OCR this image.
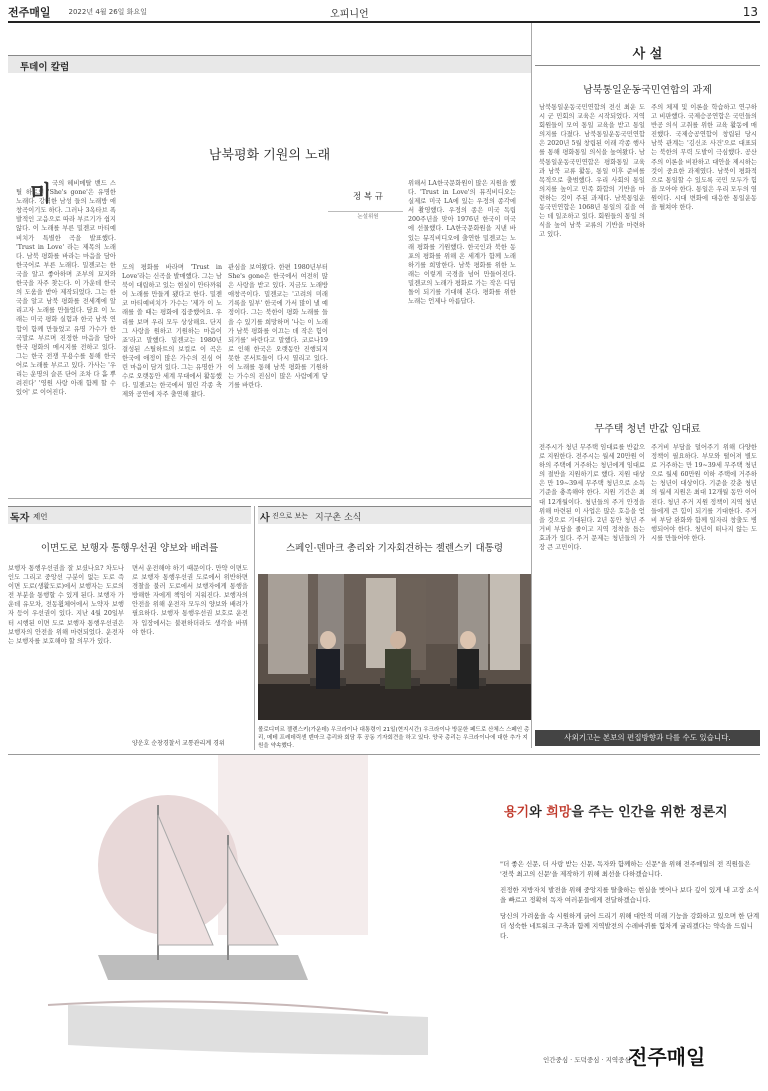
전주매일	2022년 4월 26일 화요일	오피니언	13
투데이 칼럼
남북평화 기원의 노래
미	정 복 규
논설위원
국의 헤비메탈 밴드 스틸 하트의 'She's gone'은 유명한 노래다. 강력한 남성 들의 노래방 애창곡이기도 하다. 그러나 3옥타브 폭발적인 고음으로 따라 부르기가 쉽지 않다. 이 노래를 부른 밀젠코 마티예비치가 특별한 곡을 발표했다. 'Trust in Love' 라는 제목의 노래다. 남북 평화를 바라는 마음을 담아 한국어로 부른 노래다. 밀젠코는 한국을 알고 좋아하며 조부의 묘지와 한국을 자주 찾는다. 이 가운데 한국의 도움을 받아 제작되었다. 그는 한국을 알고 남북 평화를 전세계에 알리고자 노래를 만들었다. 담요 이 노래는 미국 평화 실험과 한국 남북 연합이 함께 만들었고 유명 가수가 한국말로 부르며 진정한 마음을 담아 한국 평화의 메시지를 전하고 있다. 그는 한국 전쟁 무용수를 통해 한국어로 노래를 부르고 있다. 가사는 '우리는 운명의 슬픈 단어 조차 다 흩 뿌려진다' '영원 사랑 아래 함께 할 수 있어' 로 이어진다.
도의 평화를 바라며 'Trust in Love'라는 신곡을 발매했다. 그는 남북이 대립하고 있는 현실이 안타까워 이 노래를 만들게 됐다고 한다. 밀젠코 마티예비치가 가수는 '제가 이 노래를 쓸 때는 평화에 집중했어요. 우리를 보며 우리 모두 상상해요. 단지 그 사랑을 원하고 기원하는 마음이죠'라고 말했다. 밀젠코는 1980년 결성된 스틸하트의 보컬로 이 곡은 한국에 애정이 많은 가수의 진심 어린 마음이 담겨 있다. 그는 유명한 가수로 오랫동안 세계 무대에서 활동했다. 밀젠코는 한국에서 열린 각종 축제와 공연에 자주 출연해 왔다.
관심을 보여왔다. 한편 1980년부터 She's gone은 한국에서 여전히 많은 사랑을 받고 있다. 지금도 노래방 애창곡이다. 밀젠코는 '고려의 미래 기록을 일부' 한국에 가서 많이 낼 예정이다. 그는 북한이 평화 노래를 들을 수 있기를 희망하며 '나는 이 노래가 남북 평화를 이끄는 데 작은 힘이 되기를' 바란다고 말했다. 코로나19로 인해 한국은 오랫동안 진행되지 못한 콘서트들이 다시 열리고 있다. 이 노래를 통해 남북 평화를 기원하는 가수의 진심이 많은 사람에게 닿기를 바란다.
위해서 LA한국문화원이 많은 지원을 했다. 'Trust in Love'의 뮤직비디오는 실제로 미국 LA에 있는 우정의 종각에서 촬영했다. 우정의 종은 미국 독립 200주년을 맞아 1976년 한국이 미국에 선물했다. LA한국문화원을 지낸 바 있는 뮤직비디오에 출연한 밀젠코는 노래 평화를 기원했다. 한국인과 북한 동포의 평화를 위해 온 세계가 함께 노래하기를 희망한다. 남북 평화를 위한 노래는 이렇게 국경을 넘어 만들어진다. 밀젠코의 노래가 평화로 가는 작은 디딤돌이 되기를 기대해 본다. 평화를 위한 노래는 언제나 아름답다.
사 설
남북통일운동국민연합의 과제
남북통일운동국민연합의 전신 최운 도 시 군 민회의 교육은 시작되었다. 지역 회원들이 모여 통일 교육을 받고 통일 의지를 다졌다. 남북통일운동국민연합은 2020년 5월 창립된 이래 각종 행사를 통해 평화통일 의식을 높여왔다. 남북통일운동국민연합은 평화통일 교육과 남북 교류 활동, 통일 이후 준비를 목적으로 출범했다. 우리 사회의 통일 의지를 높이고 민족 화합의 기반을 마련하는 것이 주된 과제다. 남북통일운동국민연합은 1068년 통일의 길을 여는 데 일조하고 있다. 회원들의 통일 의식을 높여 남북 교류의 기반을 마련하고 있다.
주의 체제 및 이론을 학습하고 연구하고 비판했다. 국제승공연합은 국민들의 반공 의식 고취를 위한 교육 활동에 매진했다. 국제승공연합이 창립된 당시 남북 관계는 '김신조 사건'으로 대표되는 북한의 무력 도발이 극심했다. 공산주의 이론을 비판하고 대안을 제시하는 것이 중요한 과제였다. 남북이 평화적으로 통일할 수 있도록 국민 모두가 힘을 모아야 한다. 통일은 우리 모두의 염원이다. 시대 변화에 대응한 통일운동을 펼쳐야 한다.
무주택 청년 반값 임대료
전주시가 청년 무주택 임대료를 반값으로 지원한다. 전주시는 월세 20만원 이하의 주택에 거주하는 청년에게 임대료의 절반을 지원하기로 했다. 지원 대상은 만 19~39세 무주택 청년으로 소득 기준을 충족해야 한다. 지원 기간은 최대 12개월이다. 청년들의 주거 안정을 위해 마련된 이 사업은 많은 호응을 얻을 것으로 기대된다. 2년 동안 청년 주거비 부담을 줄이고 지역 정착을 돕는 효과가 있다. 주거 문제는 청년들의 가장 큰 고민이다.
주거비 부담을 덜어주기 위해 다양한 정책이 필요하다. 부모와 떨어져 별도로 거주하는 만 19~39세 무주택 청년으로 월세 60만원 이하 주택에 거주하는 청년이 대상이다. 기준을 갖춘 청년의 월세 지원은 최대 12개월 동안 이어진다. 청년 주거 지원 정책이 지역 청년들에게 큰 힘이 되기를 기대한다. 주거비 부담 완화와 함께 일자리 창출도 병행되어야 한다. 청년이 떠나지 않는 도시를 만들어야 한다.
사외기고는 본보의 편집방향과 다를 수도 있습니다.
독자 제언
이면도로 보행자 통행우선권 양보와 배려를
보행자 통행우선권을 잘 보셨나요? 차도나 인도 그리고 중앙선 구분이 없는 도로 즉 이면 도로(생활도로)에서 보행자는 도로의 전 부분을 통행할 수 있게 된다. 보행자 가운데 유모차, 전동휠체어에서 노약자 보행자 등이 우선권이 있다. 지난 4월 20일부터 시행된 이면 도로 보행자 통행우선권은 보행자의 안전을 위해 마련되었다. 운전자는 보행자를 보호해야 할 의무가 있다.
면서 운전해야 하기 때문이다. 만약 이면도로 보행자 통행우선권 도로에서 위반하면 경찰을 불러 도로에서 보행자에게 통행을 방해한 자에게 책임이 지워진다. 보행자의 안전을 위해 운전자 모두의 양보와 배려가 필요하다. 보행자 통행우선권 보호로 운전자 입장에서는 불편하더라도 생각을 바꿔야 한다.
양운호 순창경찰서 교통관리계 경위
사 진으로 보는 지구촌 소식
스페인·덴마크 총리와 기자회견하는 젤렌스키 대통령
볼로디미르 젤렌스키(가운데) 우크라이나 대통령이 21일(현지시간) 우크라이나 방문한 페드로 산체스 스페인 총리, 메테 프레데릭센 덴마크 총리와 회담 후 공동 기자회견을 하고 있다. 양국 총리는 우크라이나에 대한 추가 지원을 약속했다.
용기와 희망을 주는 인간을 위한 정론지

"더 좋은 신문, 더 사랑 받는 신문, 독자와 함께하는 신문"을 위해 전주매일의 전 직원들은 '전북 최고의 신문'을 제작하기 위해 최선을 다하겠습니다.

진정한 지방자치 발전을 위해 중앙지를 탈출하는 현실을 벗어나 보다 깊이 있게 내 고장 소식을 빠르고 정확히 독자 여러분들에게 전달하겠습니다.

당신의 가려움을 속 시원하게 긁어 드리기 위해 대안적 미래 기능을 강화하고 있으며 한 단계 더 성숙한 네트워크 구축과 함께 지역발전의 수레바퀴를 힘차게 굴리겠다는 약속을 드립니다.

인간중심 · 도덕중심 · 지역중심
전주매일
